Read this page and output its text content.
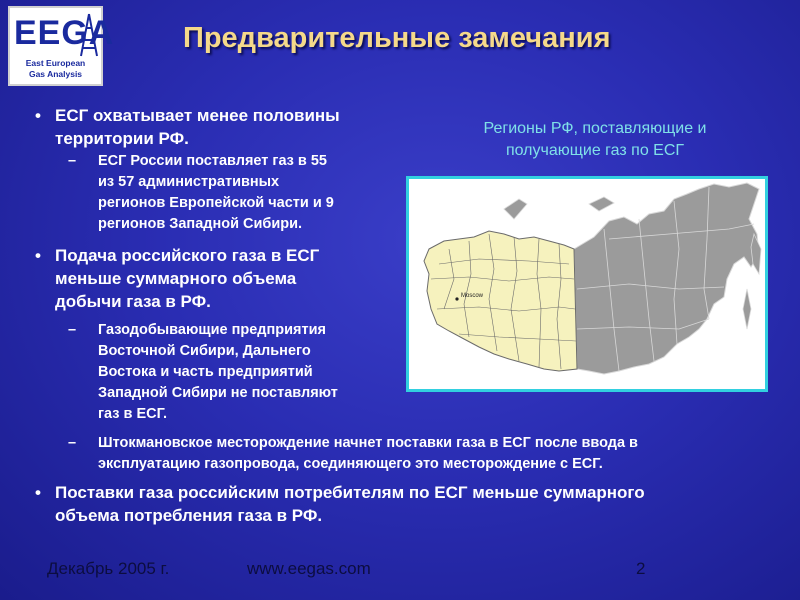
EEGA
East European
Gas Analysis
Предварительные замечания
• ЕСГ охватывает менее половины
территории РФ.
– ЕСГ России поставляет газ в 55
из 57 административных
регионов Европейской части и 9
регионов Западной Сибири.
• Подача российского газа в ЕСГ
меньше суммарного объема
добычи газа в РФ.
– Газодобывающие предприятия
Восточной Сибири, Дальнего
Востока и часть предприятий
Западной Сибири не поставляют
газ в ЕСГ.
– Штокмановское месторождение начнет поставки газа в ЕСГ после ввода в
эксплуатацию газопровода, соединяющего это месторождение с ЕСГ.
• Поставки газа российским потребителям по ЕСГ меньше суммарного
объема потребления газа в РФ.
Регионы РФ, поставляющие и
получающие газ по ЕСГ
Moscow
Декабрь 2005 г.	www.eegas.com	2
